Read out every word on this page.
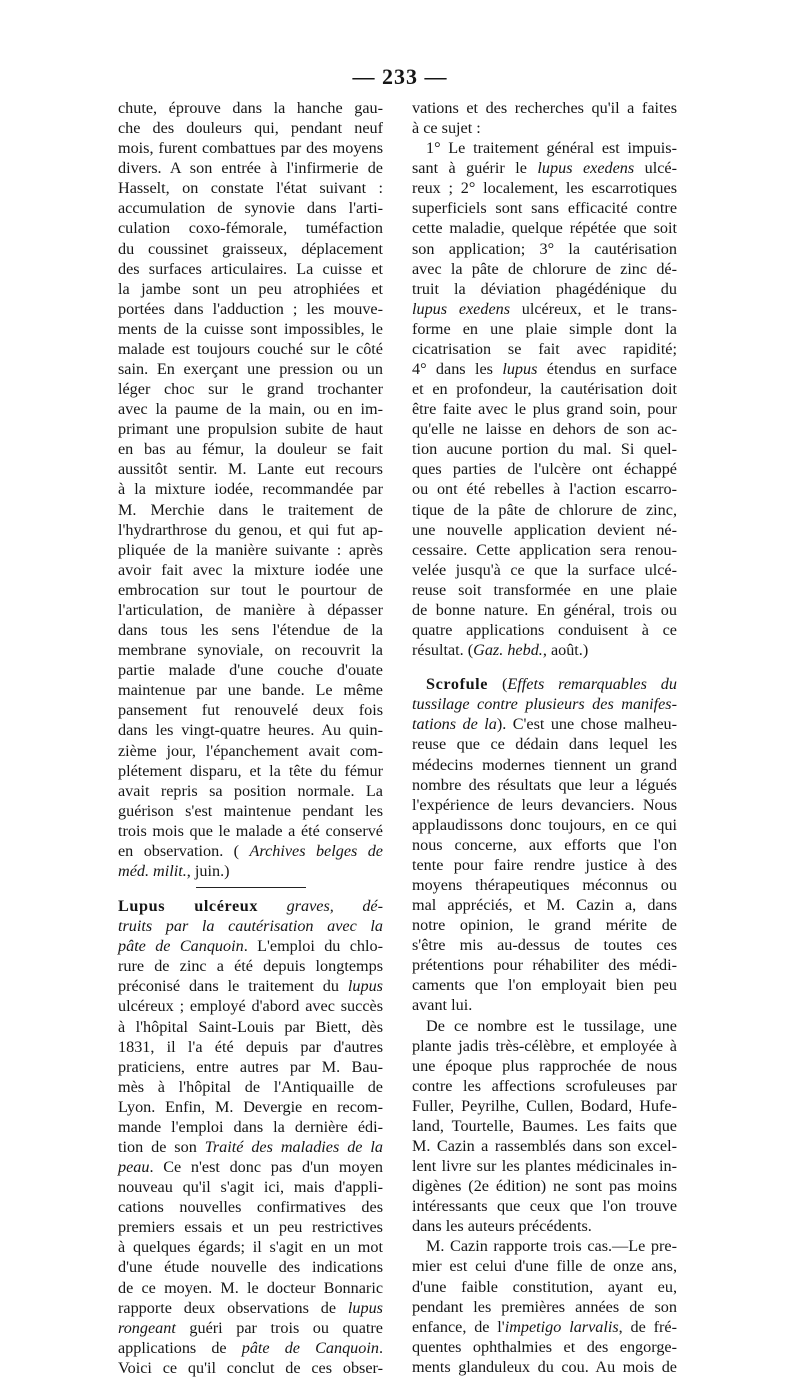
— 233 —
chute, éprouve dans la hanche gau-
che des douleurs qui, pendant neuf
mois, furent combattues par des moyens
divers. A son entrée à l'infirmerie de
Hasselt, on constate l'état suivant :
accumulation de synovie dans l'arti-
culation coxo-fémorale, tuméfaction
du coussinet graisseux, déplacement
des surfaces articulaires. La cuisse et
la jambe sont un peu atrophiées et
portées dans l'adduction ; les mouve-
ments de la cuisse sont impossibles, le
malade est toujours couché sur le côté
sain. En exerçant une pression ou un
léger choc sur le grand trochanter
avec la paume de la main, ou en im-
primant une propulsion subite de haut
en bas au fémur, la douleur se fait
aussitôt sentir. M. Lante eut recours
à la mixture iodée, recommandée par
M. Merchie dans le traitement de
l'hydrarthrose du genou, et qui fut ap-
pliquée de la manière suivante : après
avoir fait avec la mixture iodée une
embrocation sur tout le pourtour de
l'articulation, de manière à dépasser
dans tous les sens l'étendue de la
membrane synoviale, on recouvrit la
partie malade d'une couche d'ouate
maintenue par une bande. Le même
pansement fut renouvelé deux fois
dans les vingt-quatre heures. Au quin-
zième jour, l'épanchement avait com-
plétement disparu, et la tête du fémur
avait repris sa position normale. La
guérison s'est maintenue pendant les
trois mois que le malade a été conservé
en observation. ( Archives belges de
méd. milit., juin.)
Lupus ulcéreux graves, dé-
truits par la cautérisation avec la
pâte de Canquoin. L'emploi du chlo-
rure de zinc a été depuis longtemps
préconisé dans le traitement du lupus
ulcéreux ; employé d'abord avec succès
à l'hôpital Saint-Louis par Biett, dès
1831, il l'a été depuis par d'autres
praticiens, entre autres par M. Bau-
mès à l'hôpital de l'Antiquaille de
Lyon. Enfin, M. Devergie en recom-
mande l'emploi dans la dernière édi-
tion de son Traité des maladies de la
peau. Ce n'est donc pas d'un moyen
nouveau qu'il s'agit ici, mais d'appli-
cations nouvelles confirmatives des
premiers essais et un peu restrictives
à quelques égards; il s'agit en un mot
d'une étude nouvelle des indications
de ce moyen. M. le docteur Bonnaric
rapporte deux observations de lupus
rongeant guéri par trois ou quatre
applications de pâte de Canquoin.
Voici ce qu'il conclut de ces obser-
vations et des recherches qu'il a faites
à ce sujet :
1° Le traitement général est impuis-
sant à guérir le lupus exedens ulcé-
reux ; 2° localement, les escarrotiques
superficiels sont sans efficacité contre
cette maladie, quelque répétée que soit
son application; 3° la cautérisation
avec la pâte de chlorure de zinc dé-
truit la déviation phagédénique du
lupus exedens ulcéreux, et le trans-
forme en une plaie simple dont la
cicatrisation se fait avec rapidité;
4° dans les lupus étendus en surface
et en profondeur, la cautérisation doit
être faite avec le plus grand soin, pour
qu'elle ne laisse en dehors de son ac-
tion aucune portion du mal. Si quel-
ques parties de l'ulcère ont échappé
ou ont été rebelles à l'action escarro-
tique de la pâte de chlorure de zinc,
une nouvelle application devient né-
cessaire. Cette application sera renou-
velée jusqu'à ce que la surface ulcé-
reuse soit transformée en une plaie
de bonne nature. En général, trois ou
quatre applications conduisent à ce
résultat. (Gaz. hebd., août.)
Scrofule (Effets remarquables du
tussilage contre plusieurs des manifes-
tations de la). C'est une chose malheu-
reuse que ce dédain dans lequel les
médecins modernes tiennent un grand
nombre des résultats que leur a légués
l'expérience de leurs devanciers. Nous
applaudissons donc toujours, en ce qui
nous concerne, aux efforts que l'on
tente pour faire rendre justice à des
moyens thérapeutiques méconnus ou
mal appréciés, et M. Cazin a, dans
notre opinion, le grand mérite de
s'être mis au-dessus de toutes ces
prétentions pour réhabiliter des médi-
caments que l'on employait bien peu
avant lui.
De ce nombre est le tussilage, une
plante jadis très-célèbre, et employée à
une époque plus rapprochée de nous
contre les affections scrofuleuses par
Fuller, Peyrilhe, Cullen, Bodard, Hufe-
land, Tourtelle, Baumes. Les faits que
M. Cazin a rassemblés dans son excel-
lent livre sur les plantes médicinales in-
digènes (2e édition) ne sont pas moins
intéressants que ceux que l'on trouve
dans les auteurs précédents.
M. Cazin rapporte trois cas.—Le pre-
mier est celui d'une fille de onze ans,
d'une faible constitution, ayant eu,
pendant les premières années de son
enfance, de l'impetigo larvalis, de fré-
quentes ophthalmies et des engorge-
ments glanduleux du cou. Au mois de
